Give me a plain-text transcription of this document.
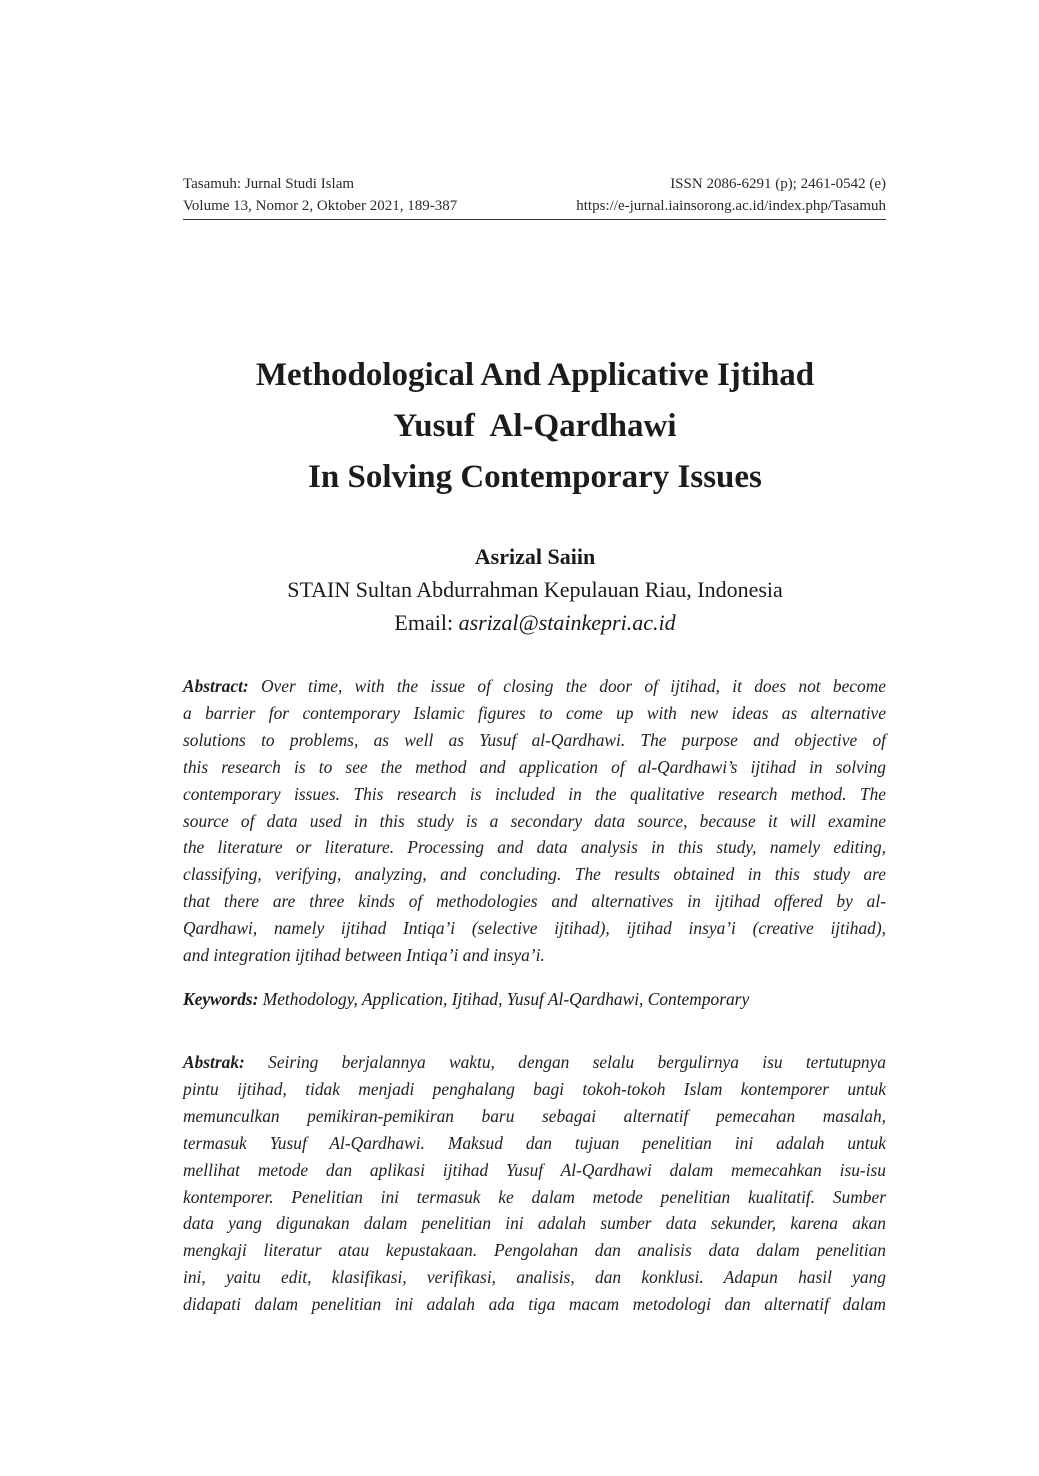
Tasamuh: Jurnal Studi Islam	ISSN 2086-6291 (p); 2461-0542 (e)
Volume 13, Nomor 2, Oktober 2021, 189-387	https://e-jurnal.iainsorong.ac.id/index.php/Tasamuh
Methodological And Applicative Ijtihad
Yusuf  Al-Qardhawi
In Solving Contemporary Issues
Asrizal Saiin
STAIN Sultan Abdurrahman Kepulauan Riau, Indonesia
Email: asrizal@stainkepri.ac.id
Abstract: Over time, with the issue of closing the door of ijtihad, it does not become
a barrier for contemporary Islamic figures to come up with new ideas as alternative
solutions to problems, as well as Yusuf al-Qardhawi. The purpose and objective of
this research is to see the method and application of al-Qardhawi’s ijtihad in solving
contemporary issues. This research is included in the qualitative research method. The
source of data used in this study is a secondary data source, because it will examine
the literature or literature. Processing and data analysis in this study, namely editing,
classifying, verifying, analyzing, and concluding. The results obtained in this study are
that there are three kinds of methodologies and alternatives in ijtihad offered by al-
Qardhawi, namely ijtihad Intiqa’i (selective ijtihad), ijtihad insya’i (creative ijtihad),
and integration ijtihad between Intiqa’i and insya’i.
Keywords: Methodology, Application, Ijtihad, Yusuf Al-Qardhawi, Contemporary
Abstrak: Seiring berjalannya waktu, dengan selalu bergulirnya isu tertutupnya
pintu ijtihad, tidak menjadi penghalang bagi tokoh-tokoh Islam kontemporer untuk
memunculkan pemikiran-pemikiran baru sebagai alternatif pemecahan masalah,
termasuk Yusuf Al-Qardhawi. Maksud dan tujuan penelitian ini adalah untuk
mellihat metode dan aplikasi ijtihad Yusuf Al-Qardhawi dalam memecahkan isu-isu
kontemporer. Penelitian ini termasuk ke dalam metode penelitian kualitatif. Sumber
data yang digunakan dalam penelitian ini adalah sumber data sekunder, karena akan
mengkaji literatur atau kepustakaan. Pengolahan dan analisis data dalam penelitian
ini, yaitu edit, klasifikasi, verifikasi, analisis, dan konklusi. Adapun hasil yang
didapati dalam penelitian ini adalah ada tiga macam metodologi dan alternatif dalam
